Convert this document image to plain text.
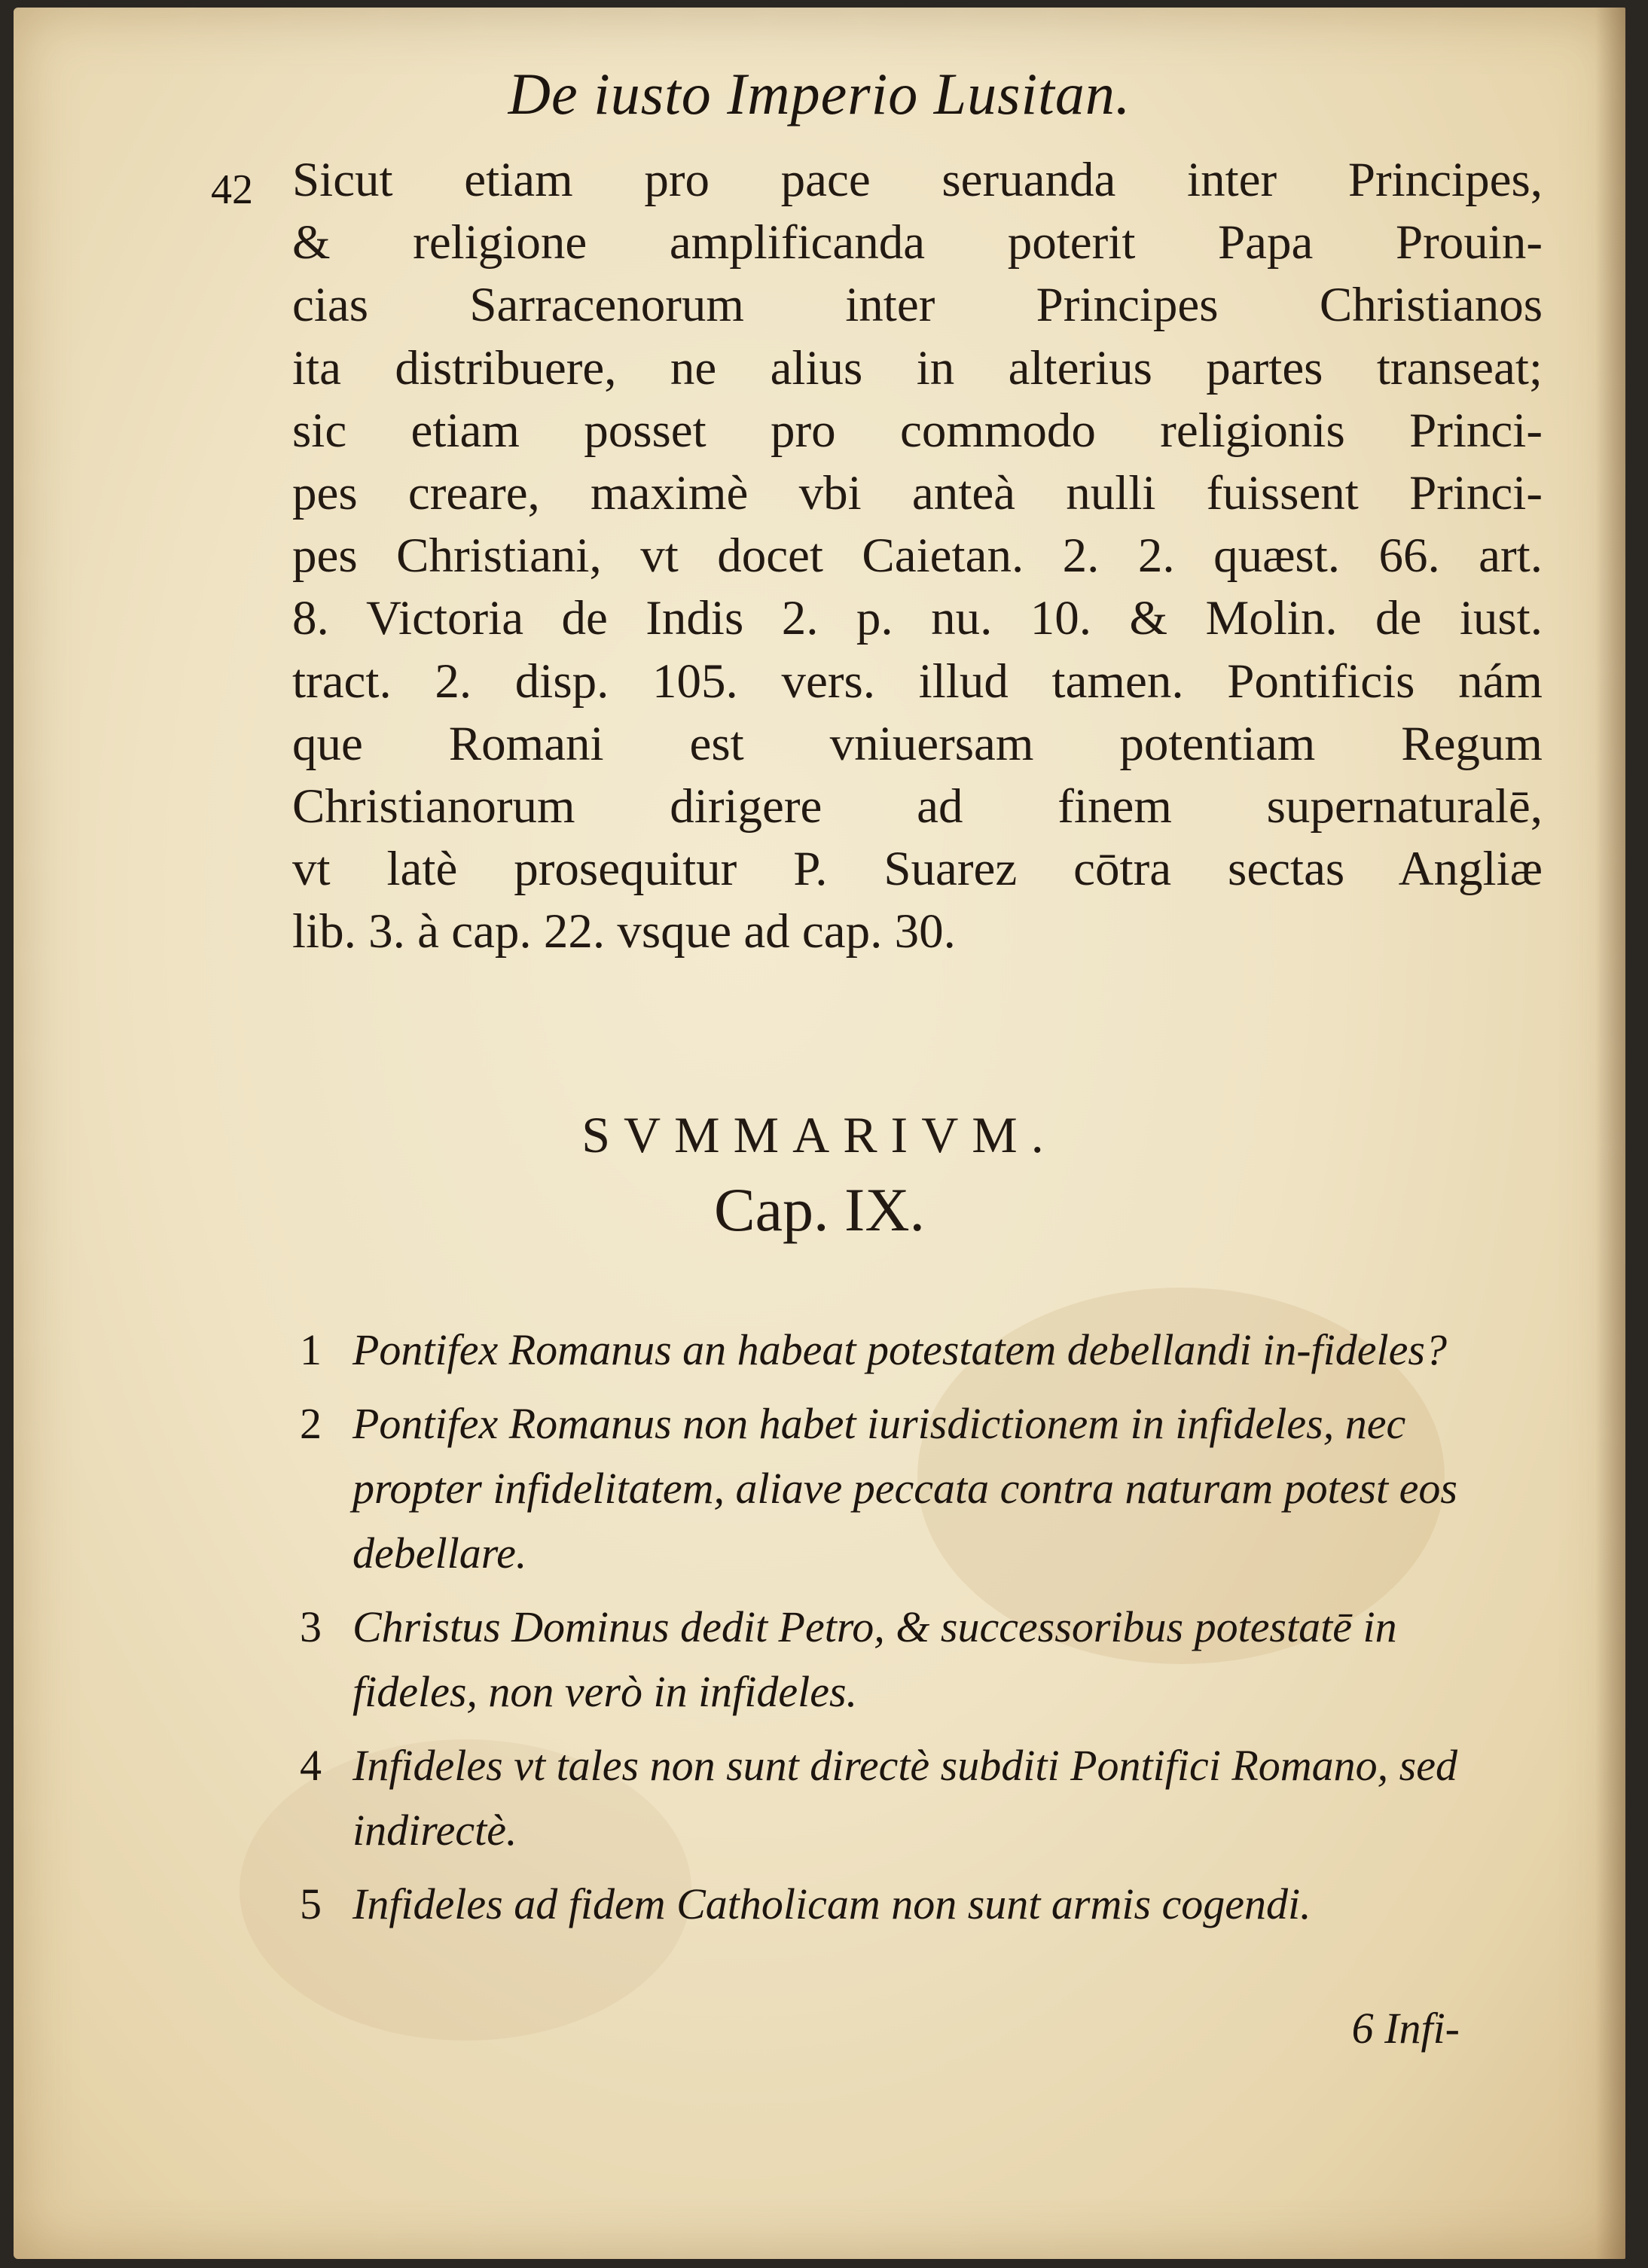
De iusto Imperio Lusitan.
42 Sicut etiam pro pace seruanda inter Principes,
& religione amplificanda poterit Papa Prouin-
cias Sarracenorum inter Principes Christianos
ita distribuere, ne alius in alterius partes transeat;
sic etiam posset pro commodo religionis Princi-
pes creare, maximè vbi anteà nulli fuissent Princi-
pes Christiani, vt docet Caietan. 2. 2. quæst. 66. art.
8. Victoria de Indis 2. p. nu. 10. & Molin. de iust.
tract. 2. disp. 105. vers. illud tamen. Pontificis nám
que Romani est vniuersam potentiam Regum
Christianorum dirigere ad finem supernaturalē,
vt latè prosequitur P. Suarez cōtra sectas Angliæ
lib. 3. à cap. 22. vsque ad cap. 30.
SVMMARIVM.
Cap. IX.
1 Pontifex Romanus an habeat potestatem debellandi in-fideles?
2 Pontifex Romanus non habet iurisdictionem in infideles, nec propter infidelitatem, aliave peccata contra naturam potest eos debellare.
3 Christus Dominus dedit Petro, & successoribus potestatē in fideles, non verò in infideles.
4 Infideles vt tales non sunt directè subditi Pontifici Romano, sed indirectè.
5 Infideles ad fidem Catholicam non sunt armis cogendi.
6 Infi-
